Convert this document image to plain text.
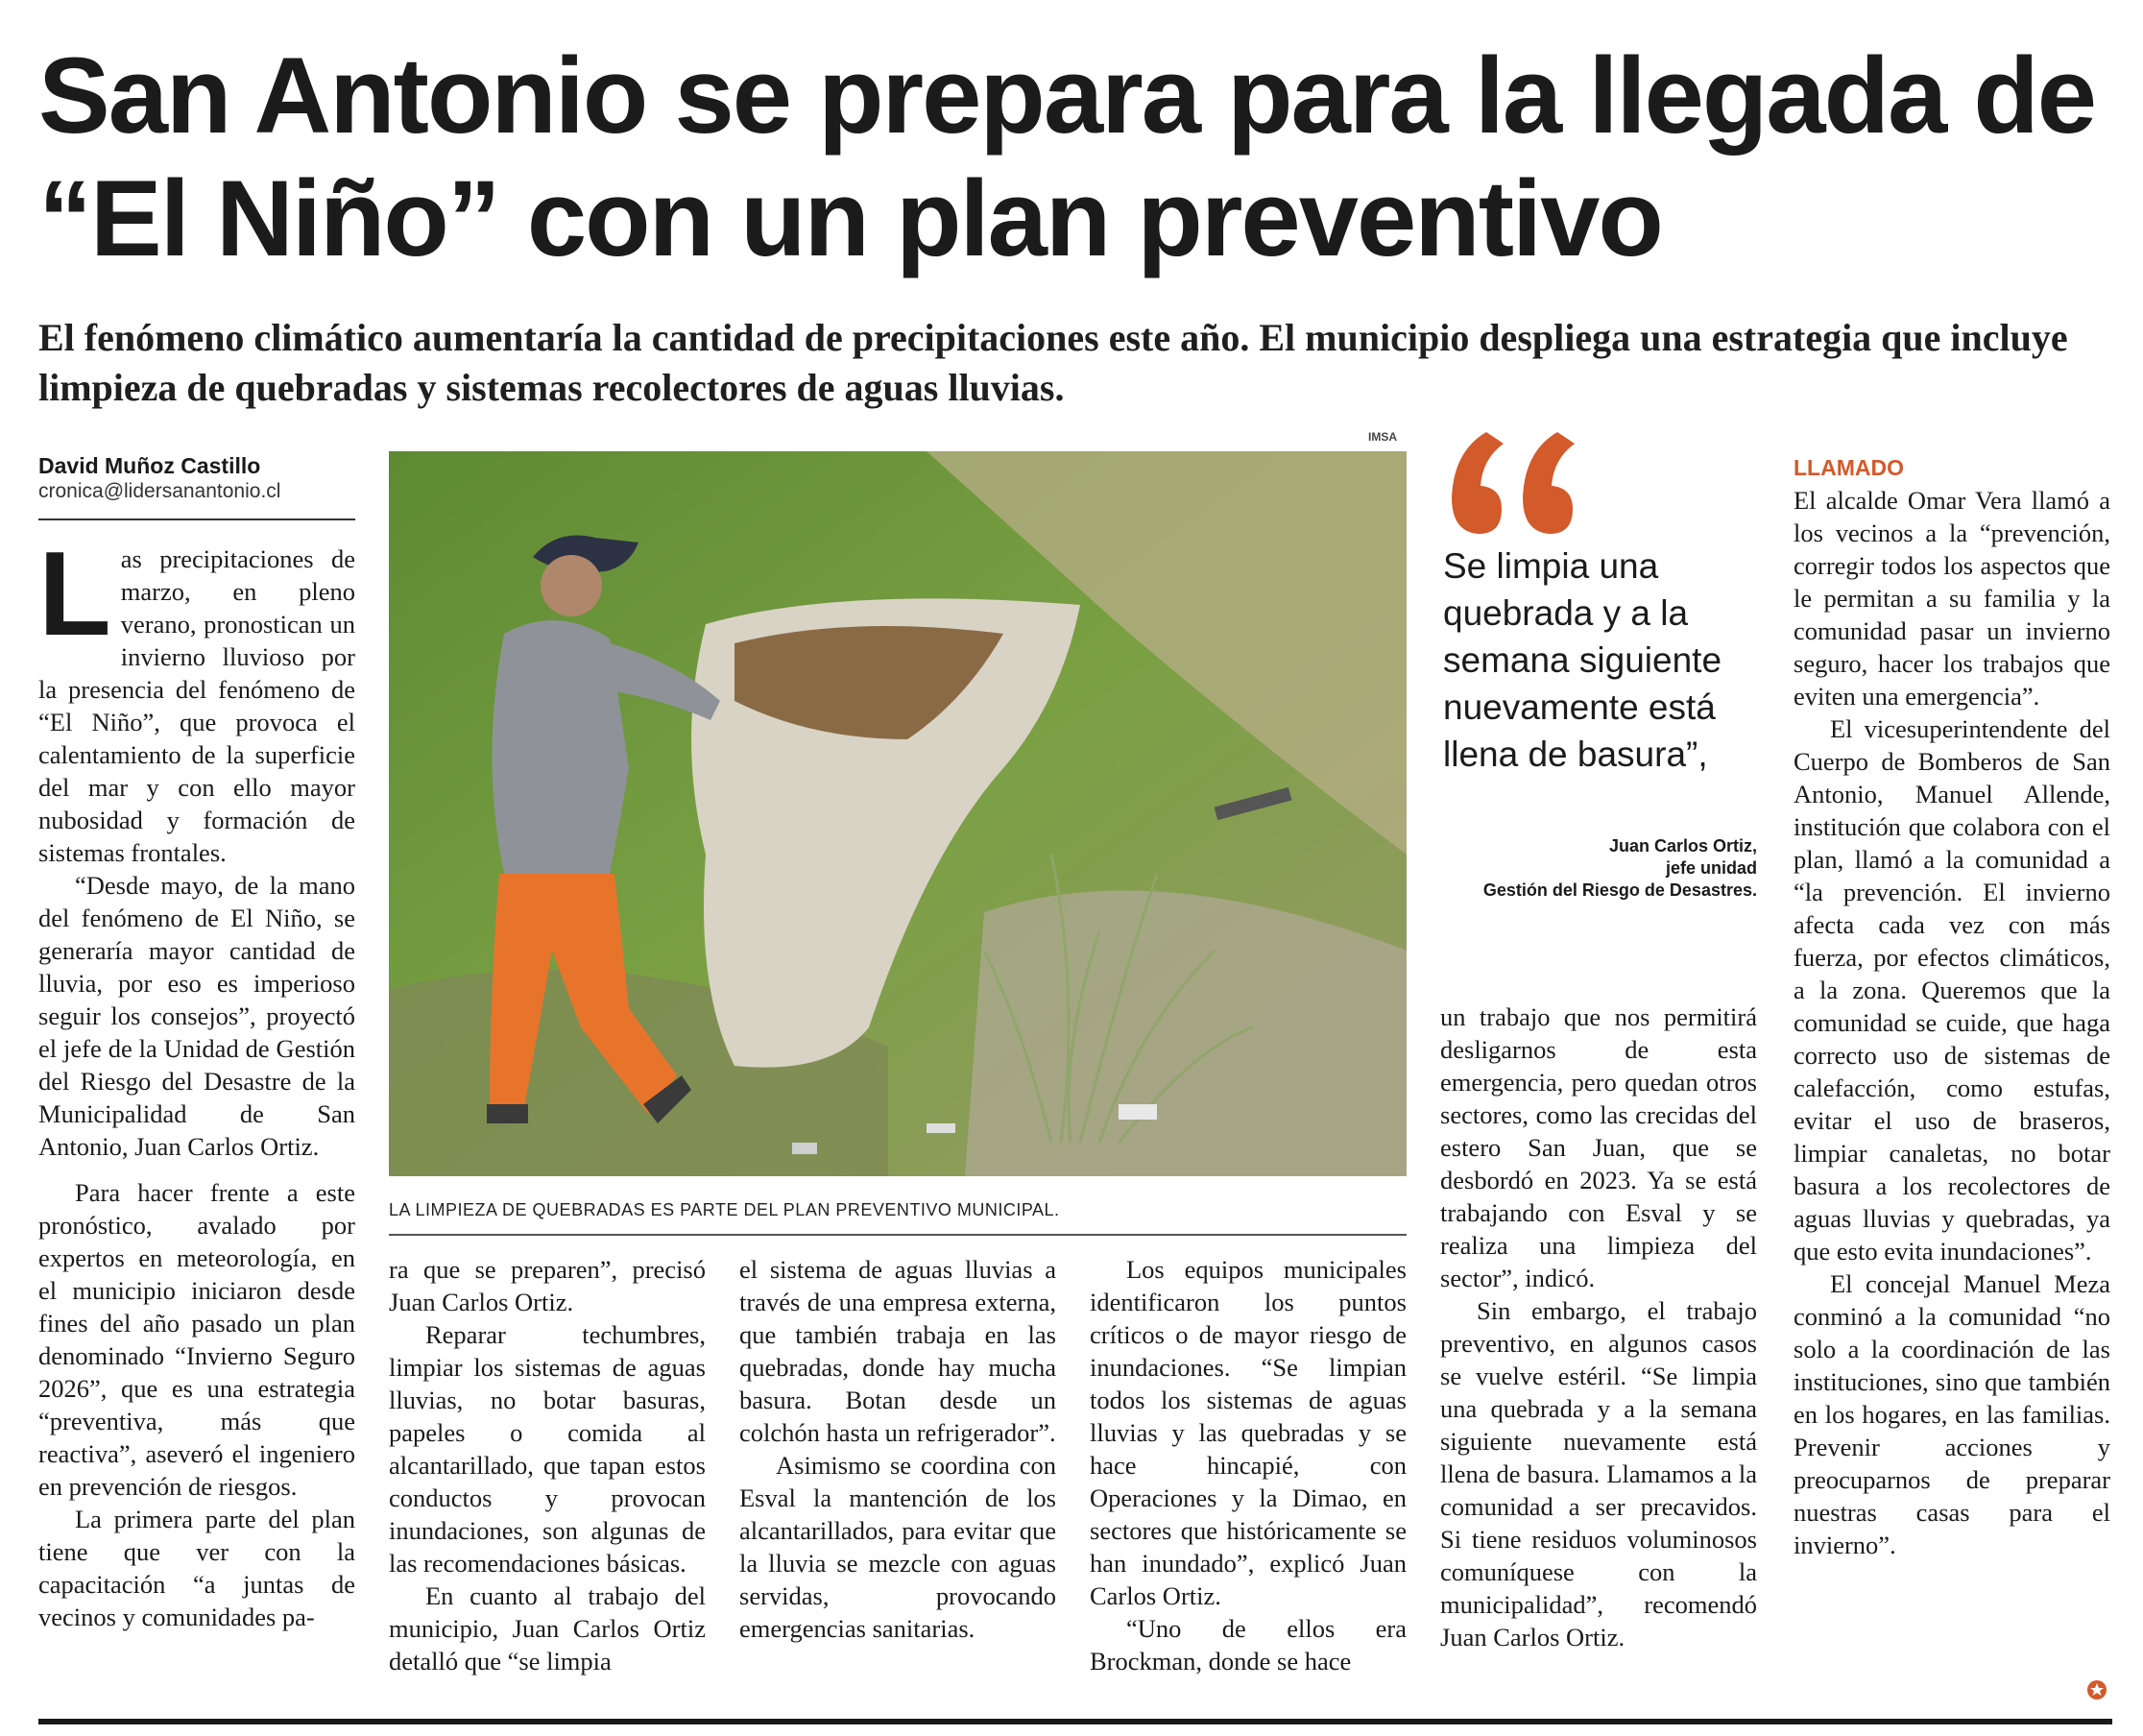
San Antonio se prepara para la llegada de “El Niño” con un plan preventivo

El fenómeno climático aumentaría la cantidad de precipitaciones este año. El municipio despliega una estrategia que incluye limpieza de quebradas y sistemas recolectores de aguas lluvias.

David Muñoz Castillo
cronica@lidersanantonio.cl

Las precipitaciones de marzo, en pleno verano, pronostican un invierno lluvioso por la presencia del fenómeno de “El Niño”, que provoca el calentamiento de la superficie del mar y con ello mayor nubosidad y formación de sistemas frontales.

“Desde mayo, de la mano del fenómeno de El Niño, se generaría mayor cantidad de lluvia, por eso es imperioso seguir los consejos”, proyectó el jefe de la Unidad de Gestión del Riesgo del Desastre de la Municipalidad de San Antonio, Juan Carlos Ortiz.

Para hacer frente a este pronóstico, avalado por expertos en meteorología, en el municipio iniciaron desde fines del año pasado un plan denominado “Invierno Seguro 2026”, que es una estrategia “preventiva, más que reactiva”, aseveró el ingeniero en prevención de riesgos.

La primera parte del plan tiene que ver con la capacitación “a juntas de vecinos y comunidades pa-

IMSA
LA LIMPIEZA DE QUEBRADAS ES PARTE DEL PLAN PREVENTIVO MUNICIPAL.

ra que se preparen”, precisó Juan Carlos Ortiz.

Reparar techumbres, limpiar los sistemas de aguas lluvias, no botar basuras, papeles o comida al alcantarillado, que tapan estos conductos y provocan inundaciones, son algunas de las recomendaciones básicas.

En cuanto al trabajo del municipio, Juan Carlos Ortiz detalló que “se limpia

el sistema de aguas lluvias a través de una empresa externa, que también trabaja en las quebradas, donde hay mucha basura. Botan desde un colchón hasta un refrigerador”.

Asimismo se coordina con Esval la mantención de los alcantarillados, para evitar que la lluvia se mezcle con aguas servidas, provocando emergencias sanitarias.

Los equipos municipales identificaron los puntos críticos o de mayor riesgo de inundaciones. “Se limpian todos los sistemas de aguas lluvias y las quebradas y se hace hincapié, con Operaciones y la Dimao, en sectores que históricamente se han inundado”, explicó Juan Carlos Ortiz.

“Uno de ellos era Brockman, donde se hace

Se limpia una quebrada y a la semana siguiente nuevamente está llena de basura”,
Juan Carlos Ortiz,
jefe unidad
Gestión del Riesgo de Desastres.

un trabajo que nos permitirá desligarnos de esta emergencia, pero quedan otros sectores, como las crecidas del estero San Juan, que se desbordó en 2023. Ya se está trabajando con Esval y se realiza una limpieza del sector”, indicó.

Sin embargo, el trabajo preventivo, en algunos casos se vuelve estéril. “Se limpia una quebrada y a la semana siguiente nuevamente está llena de basura. Llamamos a la comunidad a ser precavidos. Si tiene residuos voluminosos comuníquese con la municipalidad”, recomendó Juan Carlos Ortiz.

LLAMADO

El alcalde Omar Vera llamó a los vecinos a la “prevención, corregir todos los aspectos que le permitan a su familia y la comunidad pasar un invierno seguro, hacer los trabajos que eviten una emergencia”.

El vicesuperintendente del Cuerpo de Bomberos de San Antonio, Manuel Allende, institución que colabora con el plan, llamó a la comunidad a “la prevención. El invierno afecta cada vez con más fuerza, por efectos climáticos, a la zona. Queremos que la comunidad se cuide, que haga correcto uso de sistemas de calefacción, como estufas, evitar el uso de braseros, limpiar canaletas, no botar basura a los recolectores de aguas lluvias y quebradas, ya que esto evita inundaciones”.

El concejal Manuel Meza conminó a la comunidad “no solo a la coordinación de las instituciones, sino que también en los hogares, en las familias. Prevenir acciones y preocuparnos de preparar nuestras casas para el invierno”.
